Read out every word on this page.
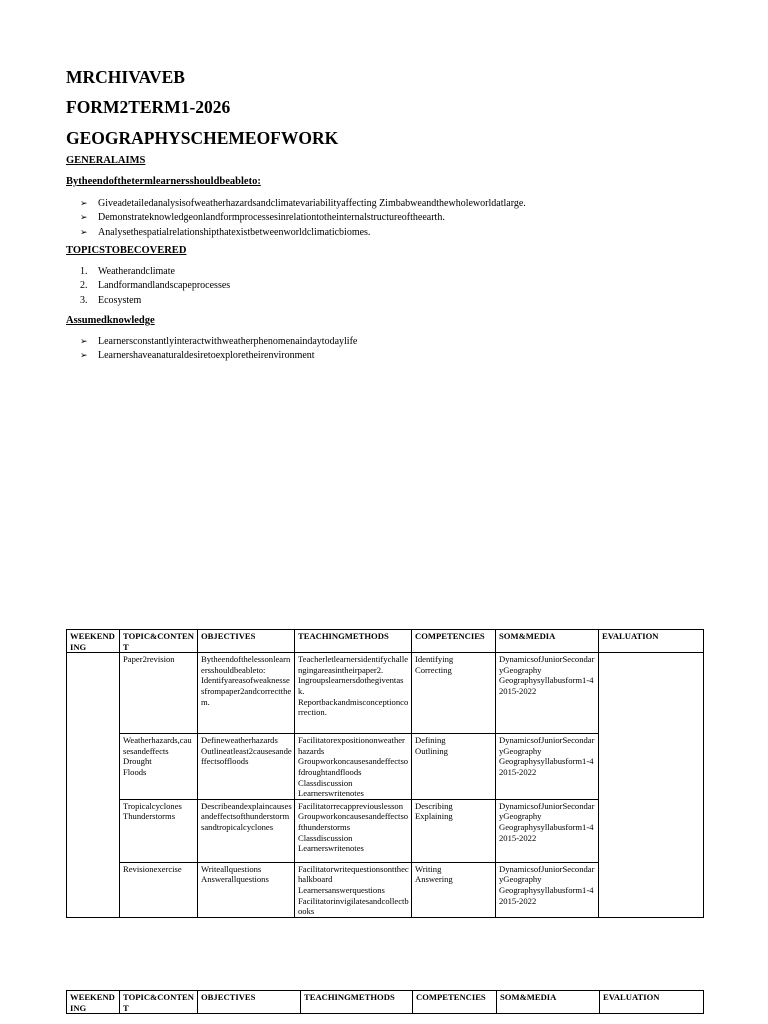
MRCHIVAVEB
FORM2TERM1-2026
GEOGRAPHYSCHEMEOFWORK
GENERALAIMS
Bytheendofthetermlearnersshouldbeableto:
➢ Giveadetailedanalysisofweatherhazardsandclimatevariabilityaffecting Zimbabweandthewholeworldatlarge.
➢ Demonstrateknowledgeonlandformprocessesinrelationtotheinternalstructureoftheearth.
➢ Analysethespatialrelationshipthatexistbetweenworldclimaticbiomes.
TOPICSTOBECOVERED
1. Weatherandclimate
2. Landformandlandscapeprocesses
3. Ecosystem
Assumedknowledge
➢ Learnersconstantlyinteractwithweatherphenomenaindaytodaylife
➢ Learnershaveanaturaldesiretoexploretheirenvironment
WEEKENDING	TOPIC&CONTENT	OBJECTIVES	TEACHINGMETHODS	COMPETENCIES	SOM&MEDIA	EVALUATION
	Paper2revision	Bytheendofthelessonlearnersshouldbeableto:
Identifyareasofweaknessesfrompaper2andcorrectthem.	Teacherletlearnersidentifychallengingareasintheirpaper2.
Ingroupslearnersdothegiventask.
Reportbackandmisconceptioncorrection.	Identifying
Correcting	DynamicsofJuniorSecondaryGeography
Geographysyllabusform1-42015-2022	
	Weatherhazards,causesandeffects
Drought
Floods	Defineweatherhazards
Outlineatleast2causesandeffectsoffloods	Facilitatorexpositiononweatherhazards
Groupworkoncausesandeffectsofdroughtandfloods
Classdiscussion
Learnerswritenotes	Defining
Outlining	DynamicsofJuniorSecondaryGeography
Geographysyllabusform1-42015-2022	
	Tropicalcyclones
Thunderstorms	Describeandexplaincausesandeffectsofthunderstormsandtropicalcyclones	Facilitatorrecappreviouslesson
Groupworkoncausesandeffectsofthunderstorms
Classdiscussion
Learnerswritenotes	Describing
Explaining	DynamicsofJuniorSecondaryGeography
Geographysyllabusform1-42015-2022	
	Revisionexercise	Writeallquestions
Answerallquestions	Facilitatorwritequestionsontthechalkboard
Learnersanswerquestions
Facilitatorinvigilatesandcollectbooks	Writing
Answering	DynamicsofJuniorSecondaryGeography
Geographysyllabusform1-42015-2022	
WEEKENDING	TOPIC&CONTENT	OBJECTIVES	TEACHINGMETHODS	COMPETENCIES	SOM&MEDIA	EVALUATION
